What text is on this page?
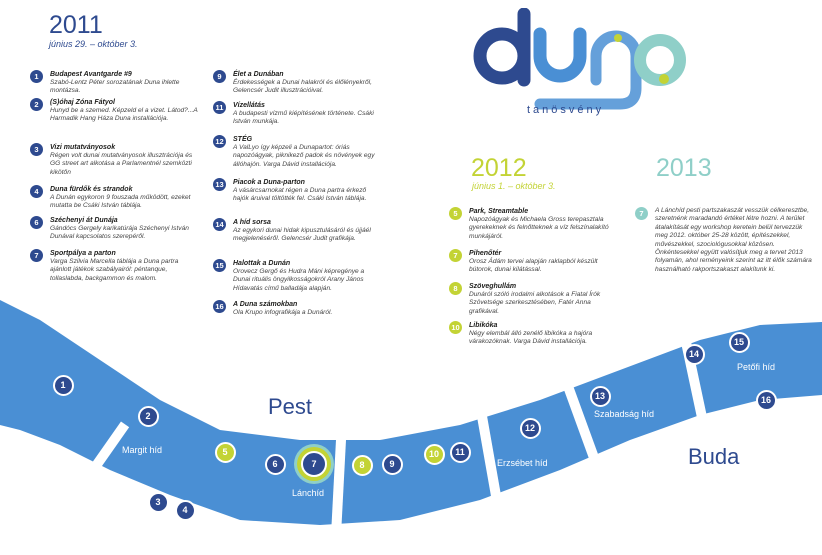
2011
június 29. – október 3.
tanösvény
2012
június 1. – október 3.
2013
1	Budapest Avantgarde #9
Szabó-Lentz Péter sorozatának Duna ihlette montázsa.
2	(S)óhaj Zóna Fátyol
Hunyd be a szemed. Képzeld el a vizet. Látod?...A Harmadik Hang Háza Duna installációja.
3	Vizi mutatványosok
Régen volt dunai mutatványosok illusztrációja és GG street art alkotása a Parlamentnél szemközti kikötőn
4	Duna fürdők és strandok
A Dunán egykoron 9 fouszada működött, ezeket mutatta be Csáki István táblája.
6	Széchenyi át Dunája
Gándócs Gergely karikatúrája Széchenyi István Dunával kapcsolatos szerepéről.
7	Sportpálya a parton
Varga Szilvia Marcella táblája a Duna partra ajánlott játékok szabályairól: péntanque, tollaslabda, backgammon és malom.
9	Élet a Dunában
Érdekességek a Dunai halakról és élőlényekről, Gelencsér Judit illusztrációival.
11	Vízellátás
A budapesti vízmű kiépítésének története. Csáki István munkája.
12	STÉG
A ValLyo így képzeli a Dunapartot: óriás napozóágyak, piknikező padok és növények egy állóhajón. Varga Dávid installációja.
13	Piacok a Duna-parton
A vásárcsarnokat régen a Duna partra érkező hajók áruival töltötték fel. Csáki István táblája.
14	A híd sorsa
Az egykori dunai hidak kipusztulásáról és újjáél megjelenéséről. Gelencsér Judit grafikája.
15	Halottak a Dunán
Orovecz Gergő és Hudra Máni képregénye a Dunai rituális öngyilkosságokról Arany János Hídavatás című balladája alapján.
16	A Duna számokban
Ola Krupo infografikája a Dunáról.
5	Park, Streamtable
Napozóágyak és Michaela Gross terepasztala gyerekeknek és felnőtteknek a víz felszínalakító munkájáról.
7	Pihenőtér
Orosz Ádám tervei alapján raklapból készült bútorok, dunai kilátással.
8	Szöveghullám
Dunáról szóló irodalmi alkotások a Fiatal Írók Szövetsége szerkesztésében, Fatér Anna grafikával.
10	Libikóka
Négy elembál álló zenélő libikóka a hajóra várakozóknak. Varga Dávid installációja.
7	A Lánchíd pesti partszakaszát vesszük célkeresztbe, szeretnénk maradandó értéket létre hozni. A terület átalakítását egy workshop keretein belül tervezzük meg 2012. október 25-28 között, építészekkel, művészekkel, szociológusokkal közösen. Önkéntesekkel együtt valósítjuk meg a tervet 2013 folyamán, ahol reményeink szerint az itt élők számára használható rakportszakaszt alakítunk ki.
Pest
Buda
Margit híd
Lánchíd
Erzsébet híd
Szabadság híd
Petőfi híd
1
2
3
4
5
6	7	8	9
10	11
12
13
14
15
16
